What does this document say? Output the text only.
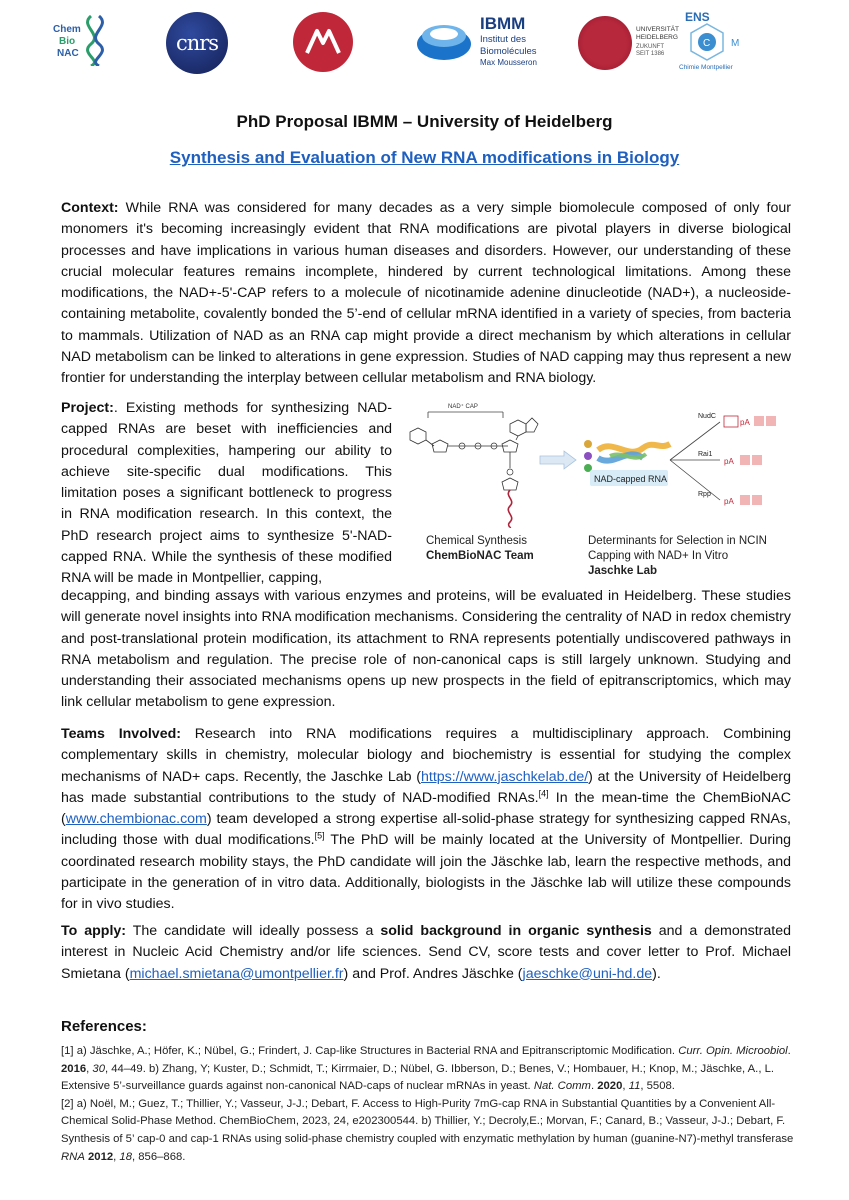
Chem
Bio
NAC	cnrs
IBMM
Institut des
Biomolécules
Max Mousseron
UNIVERSITÄT
HEIDELBERG
ZUKUNFT
SEIT 1386
ENS
C M
Chimie Montpellier
PhD Proposal IBMM – University of Heidelberg
Synthesis and Evaluation of New RNA modifications in Biology
Context: While RNA was considered for many decades as a very simple biomolecule composed of only four monomers it's becoming increasingly evident that RNA modifications are pivotal players in diverse biological processes and have implications in various human diseases and disorders. However, our understanding of these crucial molecular features remains incomplete, hindered by current technological limitations. Among these modifications, the NAD+-5'-CAP refers to a molecule of nicotinamide adenine dinucleotide (NAD+), a nucleoside-containing metabolite, covalently bonded the 5’-end of cellular mRNA identified in a variety of species, from bacteria to mammals. Utilization of NAD as an RNA cap might provide a direct mechanism by which alterations in cellular NAD metabolism can be linked to alterations in gene expression. Studies of NAD capping may thus represent a new frontier for understanding the interplay between cellular metabolism and RNA biology.
Project:. Existing methods for synthesizing NAD-capped RNAs are beset with inefficiencies and procedural complexities, hampering our ability to achieve site-specific dual modifications. This limitation poses a significant bottleneck to progress in RNA modification research. In this context, the PhD research project aims to synthesize 5'-NAD-capped RNA. While the synthesis of these modified RNA will be made in Montpellier, capping,
NAD⁺ CAP
NAD-capped RNA
NudC
Rai1
Rpp
pA
pA
pA
Chemical Synthesis
ChemBioNAC Team
Determinants for Selection in NCIN
Capping with NAD+ In Vitro
Jaschke Lab
decapping, and binding assays with various enzymes and proteins, will be evaluated in Heidelberg. These studies will generate novel insights into RNA modification mechanisms. Considering the centrality of NAD in redox chemistry and post-translational protein modification, its attachment to RNA represents potentially undiscovered pathways in RNA metabolism and regulation. The precise role of non-canonical caps is still largely unknown. Studying and understanding their associated mechanisms opens up new prospects in the field of epitranscriptomics, which may link cellular metabolism to gene expression.
Teams Involved: Research into RNA modifications requires a multidisciplinary approach. Combining complementary skills in chemistry, molecular biology and biochemistry is essential for studying the complex mechanisms of NAD+ caps. Recently, the Jaschke Lab (https://www.jaschkelab.de/) at the University of Heidelberg has made substantial contributions to the study of NAD-modified RNAs.[4] In the mean-time the ChemBioNAC (www.chembionac.com) team developed a strong expertise all-solid-phase strategy for synthesizing capped RNAs, including those with dual modifications.[5] The PhD will be mainly located at the University of Montpellier. During coordinated research mobility stays, the PhD candidate will join the Jäschke lab, learn the respective methods, and participate in the generation of in vitro data. Additionally, biologists in the Jäschke lab will utilize these compounds for in vivo studies.
To apply: The candidate will ideally possess a solid background in organic synthesis and a demonstrated interest in Nucleic Acid Chemistry and/or life sciences. Send CV, score tests and cover letter to Prof. Michael Smietana (michael.smietana@umontpellier.fr) and Prof. Andres Jäschke (jaeschke@uni-hd.de).
References:
[1] a) Jäschke, A.; Höfer, K.; Nübel, G.; Frindert, J. Cap-like Structures in Bacterial RNA and Epitranscriptomic Modification. Curr. Opin. Microobiol. 2016, 30, 44–49. b) Zhang, Y; Kuster, D.; Schmidt, T.; Kirrmaier, D.; Nübel, G. Ibberson, D.; Benes, V.; Hombauer, H.; Knop, M.; Jäschke, A., L. Extensive 5’-surveillance guards against non-canonical NAD-caps of nuclear mRNAs in yeast. Nat. Comm. 2020, 11, 5508.
[2] a) Noël, M.; Guez, T.; Thillier, Y.; Vasseur, J-J.; Debart, F. Access to High-Purity 7mG-cap RNA in Substantial Quantities by a Convenient All-Chemical Solid-Phase Method. ChemBioChem, 2023, 24, e202300544. b) Thillier, Y.; Decroly,E.; Morvan, F.; Canard, B.; Vasseur, J-J.; Debart, F. Synthesis of 5’ cap-0 and cap-1 RNAs using solid-phase chemistry coupled with enzymatic methylation by human (guanine-N7)-methyl transferase RNA 2012, 18, 856–868.
